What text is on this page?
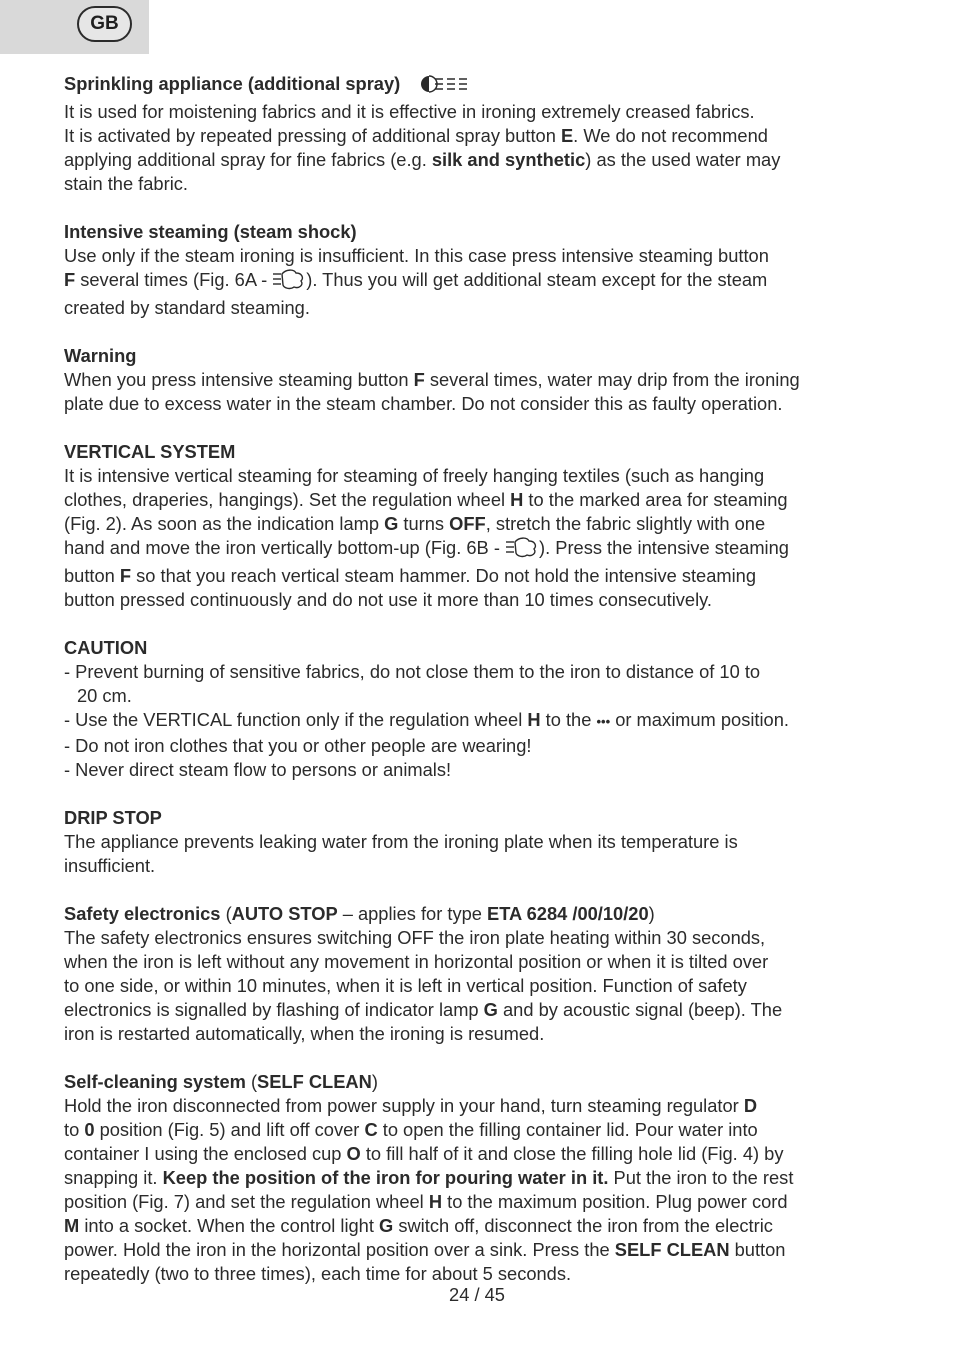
GB

Sprinkling appliance (additional spray)

It is used for moistening fabrics and it is effective in ironing extremely creased fabrics.

It is activated by repeated pressing of additional spray button E. We do not recommend

applying additional spray for fine fabrics (e.g. silk and synthetic) as the used water may

stain the fabric.

Intensive steaming (steam shock)

Use only if the steam ironing is insufficient. In this case press intensive steaming button

F several times (Fig. 6A - ). Thus you will get additional steam except for the steam

created by standard steaming.

Warning

When you press intensive steaming button F several times, water may drip from the ironing

plate due to excess water in the steam chamber. Do not consider this as faulty operation.

VERTICAL SYSTEM

It is intensive vertical steaming for steaming of freely hanging textiles (such as hanging

clothes, draperies, hangings). Set the regulation wheel H to the marked area for steaming

(Fig. 2). As soon as the indication lamp G turns OFF, stretch the fabric slightly with one

hand and move the iron vertically bottom-up (Fig. 6B - ). Press the intensive steaming

button F so that you reach vertical steam hammer. Do not hold the intensive steaming

button pressed continuously and do not use it more than 10 times consecutively.

CAUTION

- Prevent burning of sensitive fabrics, do not close them to the iron to distance of 10 to

20 cm.

- Use the VERTICAL function only if the regulation wheel H to the ••• or maximum position.

- Do not iron clothes that you or other people are wearing!

- Never direct steam flow to persons or animals!

DRIP STOP

The appliance prevents leaking water from the ironing plate when its temperature is

insufficient.

Safety electronics (AUTO STOP – applies for type ETA 6284 /00/10/20)

The safety electronics ensures switching OFF the iron plate heating within 30 seconds,

when the iron is left without any movement in horizontal position or when it is tilted over

to one side, or within 10 minutes, when it is left in vertical position. Function of safety

electronics is signalled by flashing of indicator lamp G and by acoustic signal (beep). The

iron is restarted automatically, when the ironing is resumed.

Self-cleaning system (SELF CLEAN)

Hold the iron disconnected from power supply in your hand, turn steaming regulator D

to 0 position (Fig. 5) and lift off cover C to open the filling container lid. Pour water into

container I using the enclosed cup O to fill half of it and close the filling hole lid (Fig. 4) by

snapping it. Keep the position of the iron for pouring water in it. Put the iron to the rest

position (Fig. 7) and set the regulation wheel H to the maximum position. Plug power cord

M into a socket. When the control light G switch off, disconnect the iron from the electric

power. Hold the iron in the horizontal position over a sink. Press the SELF CLEAN button

repeatedly (two to three times), each time for about 5 seconds.

24 / 45
